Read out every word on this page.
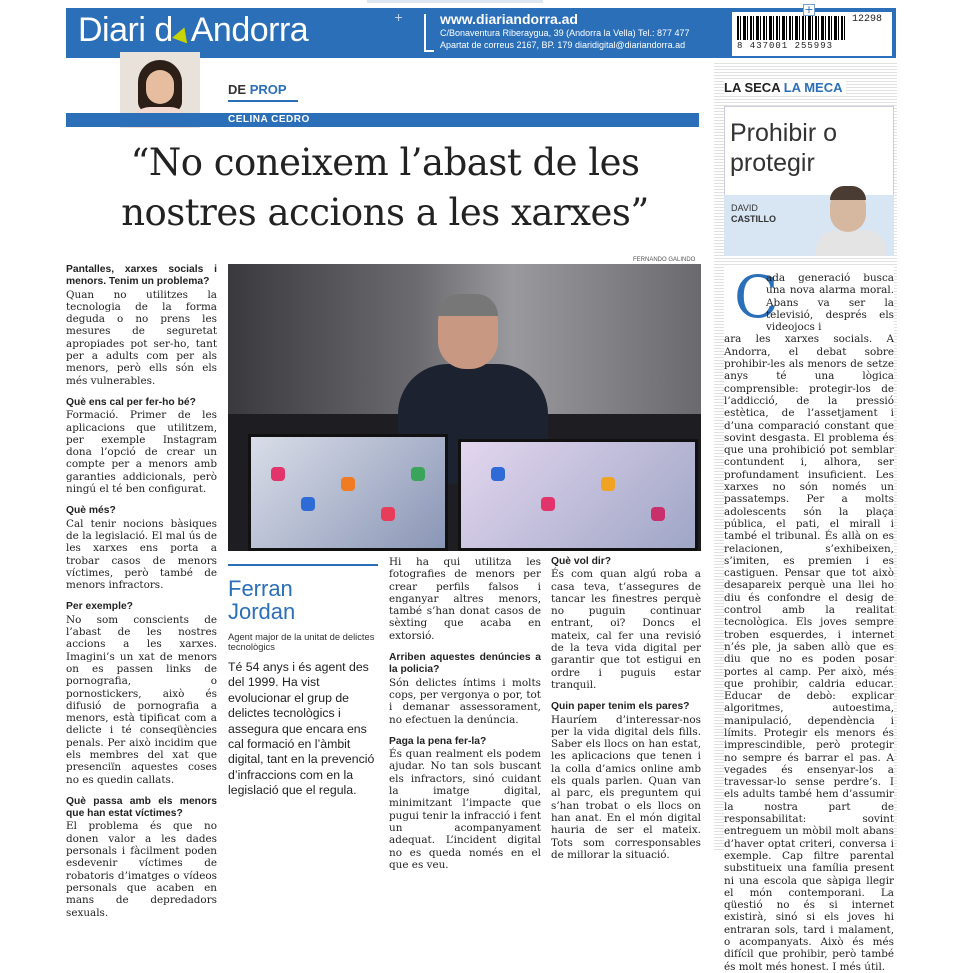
Diari d Andorra	+	www.diariandorra.ad
C/Bonaventura Riberaygua, 39 (Andorra la Vella) Tel.: 877 477
Apartat de correus 2167, BP. 179 diaridigital@diariandorra.ad
12298
8 437001 255993
+
DE PROP
CELINA CEDRO
“No coneixem l’abast de les nostres accions a les xarxes”
FERNANDO GALINDO

Pantalles, xarxes socials i menors. Tenim un problema?
Quan no utilitzes la tecnologia de la forma deguda o no prens les mesures de seguretat apropiades pot ser-ho, tant per a adults com per als menors, però ells són els més vulnerables.

Què ens cal per fer-ho bé?
Formació. Primer de les aplicacions que utilitzem, per exemple Instagram dona l’opció de crear un compte per a menors amb garanties addicionals, però ningú el té ben configurat.

Què més?
Cal tenir nocions bàsiques de la legislació. El mal ús de les xarxes ens porta a trobar casos de menors víctimes, però també de menors infractors.

Per exemple?
No som conscients de l’abast de les nostres accions a les xarxes. Imagini’s un xat de menors on es passen links de pornografia, o pornostickers, això és difusió de pornografia a menors, està tipificat com a delicte i té conseqüències penals. Per això incidim que els membres del xat que presenciïn aquestes coses no es quedin callats.

Què passa amb els menors que han estat víctimes?
El problema és que no donen valor a les dades personals i fàcilment poden esdevenir víctimes de robatoris d’imatges o vídeos personals que acaben en mans de depredadors sexuals.

Ferran
Jordan
Agent major de la unitat de delictes tecnològics
Té 54 anys i és agent des del 1999. Ha vist evolucionar el grup de delictes tecnològics i assegura que encara ens cal formació en l’àmbit digital, tant en la prevenció d’infraccions com en la legislació que el regula.

Hi ha qui utilitza les fotografies de menors per crear perfils falsos i enganyar altres menors, també s’han donat casos de sèxting que acaba en extorsió.

Arriben aquestes denúncies a la policia?
Són delictes íntims i molts cops, per vergonya o por, tot i demanar assessorament, no efectuen la denúncia.

Paga la pena fer-la?
És quan realment els podem ajudar. No tan sols buscant els infractors, sinó cuidant la imatge digital, minimitzant l’impacte que pugui tenir la infracció i fent un acompanyament adequat. L’incident digital no es queda només en el que es veu.

Què vol dir?
És com quan algú roba a casa teva, t’assegures de tancar les finestres perquè no puguin continuar entrant, oi? Doncs el mateix, cal fer una revisió de la teva vida digital per garantir que tot estigui en ordre i puguis estar tranquil.

Quin paper tenim els pares?
Hauríem d’interessar-nos per la vida digital dels fills. Saber els llocs on han estat, les aplicacions que tenen i la colla d’amics online amb els quals parlen. Quan van al parc, els preguntem qui s’han trobat o els llocs on han anat. En el món digital hauria de ser el mateix. Tots som corresponsables de millorar la situació.

LA SECA LA MECA
Prohibir o protegir
DAVID
CASTILLO
C
ada generació busca una nova alarma moral. Abans va ser la televisió, després els videojocs i
ara les xarxes socials. A Andorra, el debat sobre prohibir-les als menors de setze anys té una lògica comprensible: protegir-los de l’addicció, de la pressió estètica, de l’assetjament i d’una comparació constant que sovint desgasta. El problema és que una prohibició pot semblar contundent i, alhora, ser profundament insuficient. Les xarxes no són només un passatemps. Per a molts adolescents són la plaça pública, el pati, el mirall i també el tribunal. És allà on es relacionen, s’exhibeixen, s’imiten, es premien i es castiguen. Pensar que tot això desapareix perquè una llei ho diu és confondre el desig de control amb la realitat tecnològica. Els joves sempre troben esquerdes, i internet n’és ple, ja saben allò que es diu que no es poden posar portes al camp. Per això, més que prohibir, caldria educar. Educar de debò: explicar algoritmes, autoestima, manipulació, dependència i límits. Protegir els menors és imprescindible, però protegir no sempre és barrar el pas. A vegades és ensenyar-los a travessar-lo sense perdre’s. I els adults també hem d’assumir la nostra part de responsabilitat: sovint entreguem un mòbil molt abans d’haver optat criteri, conversa i exemple. Cap filtre parental substitueix una família present ni una escola que sàpiga llegir el món contemporani. La qüestió no és si internet existirà, sinó si els joves hi entraran sols, tard i malament, o acompanyats. Això és més difícil que prohibir, però també és molt més honest. I més útil.
